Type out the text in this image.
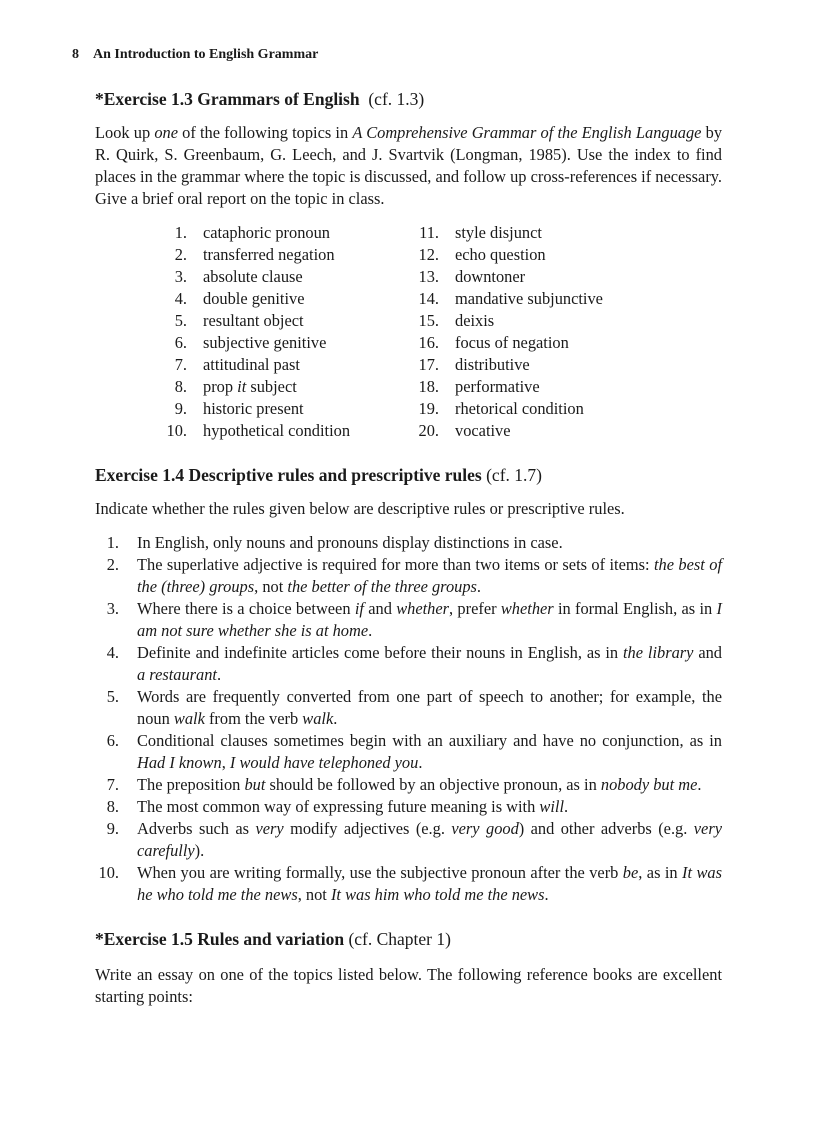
8 An Introduction to English Grammar
*Exercise 1.3 Grammars of English (cf. 1.3)

Look up one of the following topics in A Comprehensive Grammar of the English Language by R. Quirk, S. Greenbaum, G. Leech, and J. Svartvik (Longman, 1985). Use the index to find places in the grammar where the topic is discussed, and follow up cross-references if necessary. Give a brief oral report on the topic in class.

1. cataphoric pronoun
2. transferred negation
3. absolute clause
4. double genitive
5. resultant object
6. subjective genitive
7. attitudinal past
8. prop it subject
9. historic present
10. hypothetical condition
11. style disjunct
12. echo question
13. downtoner
14. mandative subjunctive
15. deixis
16. focus of negation
17. distributive
18. performative
19. rhetorical condition
20. vocative
Exercise 1.4 Descriptive rules and prescriptive rules (cf. 1.7)

Indicate whether the rules given below are descriptive rules or prescriptive rules.

1. In English, only nouns and pronouns display distinctions in case.
2. The superlative adjective is required for more than two items or sets of items: the best of the (three) groups, not the better of the three groups.
3. Where there is a choice between if and whether, prefer whether in formal English, as in I am not sure whether she is at home.
4. Definite and indefinite articles come before their nouns in English, as in the library and a restaurant.
5. Words are frequently converted from one part of speech to another; for example, the noun walk from the verb walk.
6. Conditional clauses sometimes begin with an auxiliary and have no conjunction, as in Had I known, I would have telephoned you.
7. The preposition but should be followed by an objective pronoun, as in nobody but me.
8. The most common way of expressing future meaning is with will.
9. Adverbs such as very modify adjectives (e.g. very good) and other adverbs (e.g. very carefully).
10. When you are writing formally, use the subjective pronoun after the verb be, as in It was he who told me the news, not It was him who told me the news.
*Exercise 1.5 Rules and variation (cf. Chapter 1)

Write an essay on one of the topics listed below. The following reference books are excellent starting points:
